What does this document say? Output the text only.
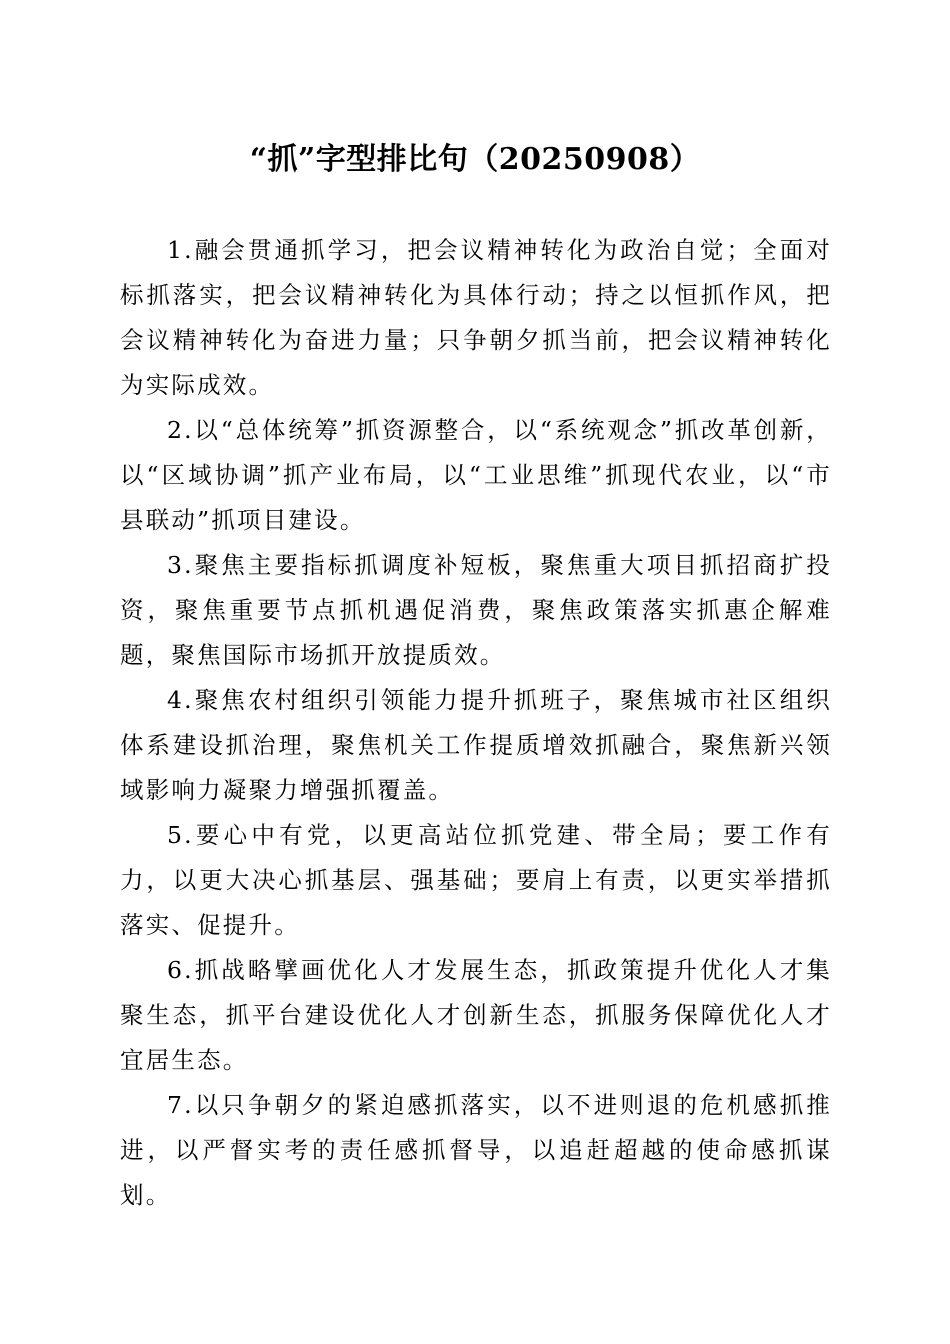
“抓”字型排比句（20250908）

1.融会贯通抓学习，把会议精神转化为政治自觉；全面对标抓落实，把会议精神转化为具体行动；持之以恒抓作风，把会议精神转化为奋进力量；只争朝夕抓当前，把会议精神转化为实际成效。

2.以“总体统筹”抓资源整合，以“系统观念”抓改革创新，以“区域协调”抓产业布局，以“工业思维”抓现代农业，以“市县联动”抓项目建设。

3.聚焦主要指标抓调度补短板，聚焦重大项目抓招商扩投资，聚焦重要节点抓机遇促消费，聚焦政策落实抓惠企解难题，聚焦国际市场抓开放提质效。

4.聚焦农村组织引领能力提升抓班子，聚焦城市社区组织体系建设抓治理，聚焦机关工作提质增效抓融合，聚焦新兴领域影响力凝聚力增强抓覆盖。

5.要心中有党，以更高站位抓党建、带全局；要工作有力，以更大决心抓基层、强基础；要肩上有责，以更实举措抓落实、促提升。

6.抓战略擘画优化人才发展生态，抓政策提升优化人才集聚生态，抓平台建设优化人才创新生态，抓服务保障优化人才宜居生态。

7.以只争朝夕的紧迫感抓落实，以不进则退的危机感抓推进，以严督实考的责任感抓督导，以追赶超越的使命感抓谋划。
